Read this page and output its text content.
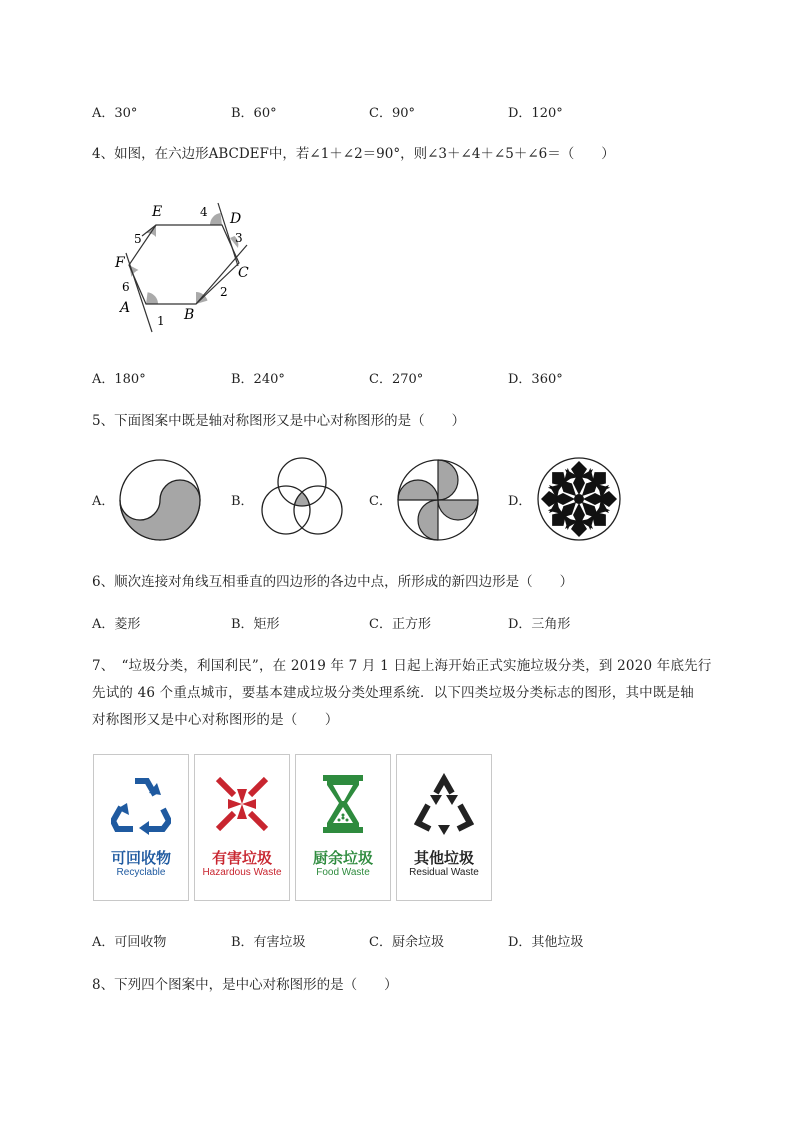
A．30°	B．60°	C．90°	D．120°
4、如图，在六边形ABCDEF中，若∠1＋∠2＝90°，则∠3＋∠4＋∠5＋∠6＝（　　）
E	D
C
B
A
F
1
2
3
4
5
6
A．180°	B．240°	C．270°	D．360°
5、下面图案中既是轴对称图形又是中心对称图形的是（　　）
A．	B．	C．	D．
6、顺次连接对角线互相垂直的四边形的各边中点，所形成的新四边形是（　　）
A．菱形	B．矩形	C．正方形	D．三角形
7、　“垃圾分类，利国利民”，在 2019 年 7 月 1 日起上海开始正式实施垃圾分类，到 2020 年底先行
先试的 46 个重点城市，要基本建成垃圾分类处理系统．以下四类垃圾分类标志的图形，其中既是轴
对称图形又是中心对称图形的是（　　）
可回收物
Recyclable
有害垃圾
Hazardous Waste
厨余垃圾
Food Waste
其他垃圾
Residual Waste
A．可回收物	B．有害垃圾	C．厨余垃圾	D．其他垃圾
8、下列四个图案中，是中心对称图形的是（　　）
